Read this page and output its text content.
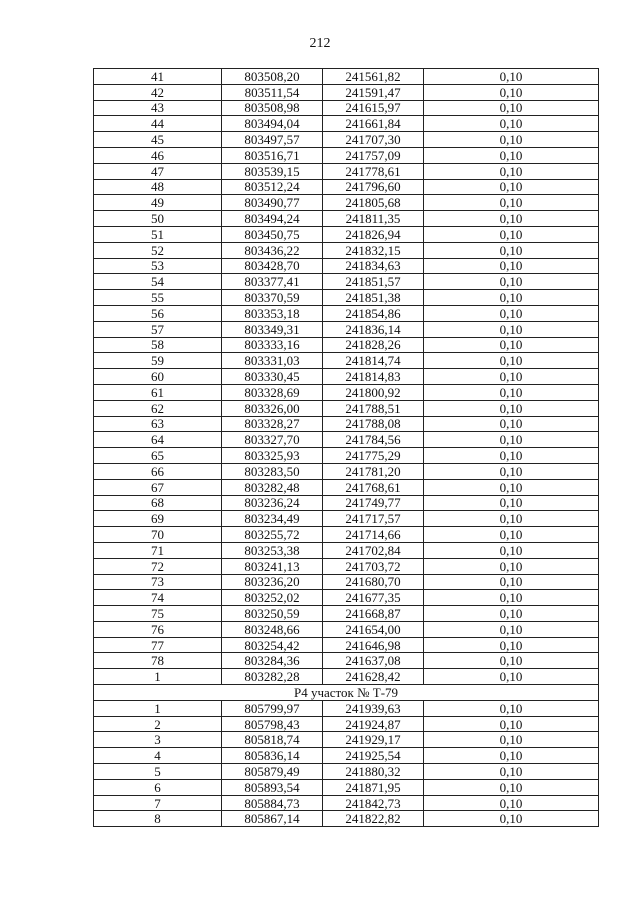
212
41	803508,20	241561,82	0,10
42	803511,54	241591,47	0,10
43	803508,98	241615,97	0,10
44	803494,04	241661,84	0,10
45	803497,57	241707,30	0,10
46	803516,71	241757,09	0,10
47	803539,15	241778,61	0,10
48	803512,24	241796,60	0,10
49	803490,77	241805,68	0,10
50	803494,24	241811,35	0,10
51	803450,75	241826,94	0,10
52	803436,22	241832,15	0,10
53	803428,70	241834,63	0,10
54	803377,41	241851,57	0,10
55	803370,59	241851,38	0,10
56	803353,18	241854,86	0,10
57	803349,31	241836,14	0,10
58	803333,16	241828,26	0,10
59	803331,03	241814,74	0,10
60	803330,45	241814,83	0,10
61	803328,69	241800,92	0,10
62	803326,00	241788,51	0,10
63	803328,27	241788,08	0,10
64	803327,70	241784,56	0,10
65	803325,93	241775,29	0,10
66	803283,50	241781,20	0,10
67	803282,48	241768,61	0,10
68	803236,24	241749,77	0,10
69	803234,49	241717,57	0,10
70	803255,72	241714,66	0,10
71	803253,38	241702,84	0,10
72	803241,13	241703,72	0,10
73	803236,20	241680,70	0,10
74	803252,02	241677,35	0,10
75	803250,59	241668,87	0,10
76	803248,66	241654,00	0,10
77	803254,42	241646,98	0,10
78	803284,36	241637,08	0,10
1	803282,28	241628,42	0,10
Р4 участок № Т-79			
1	805799,97	241939,63	0,10
2	805798,43	241924,87	0,10
3	805818,74	241929,17	0,10
4	805836,14	241925,54	0,10
5	805879,49	241880,32	0,10
6	805893,54	241871,95	0,10
7	805884,73	241842,73	0,10
8	805867,14	241822,82	0,10
